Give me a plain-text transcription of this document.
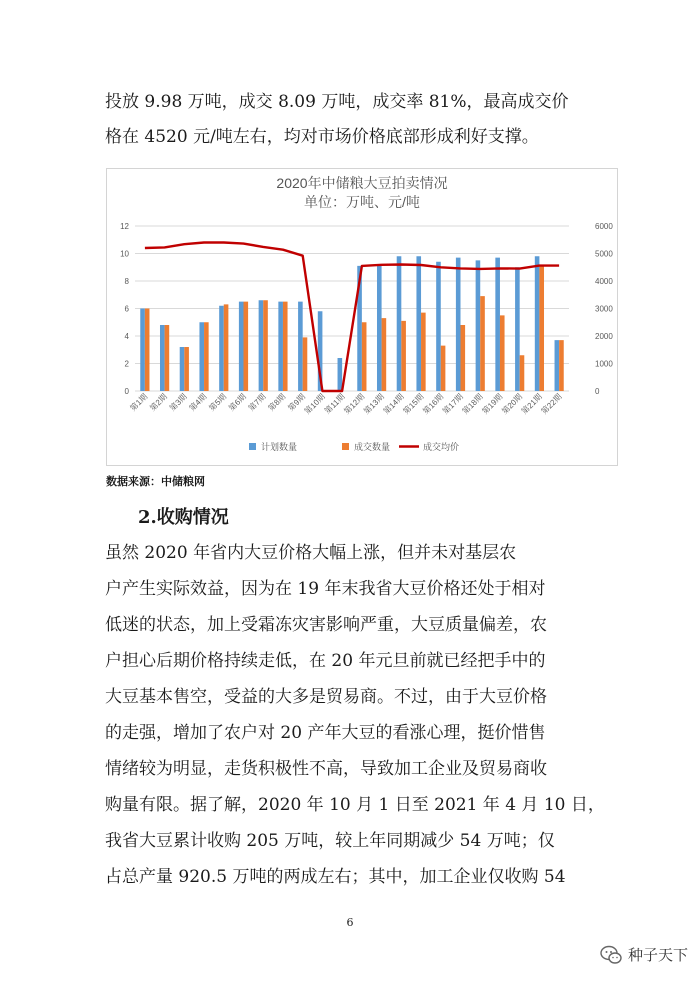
投放 9.98 万吨，成交 8.09 万吨，成交率 81%，最高成交价
格在 4520 元/吨左右，均对市场价格底部形成利好支撑。
2020年中储粮大豆拍卖情况
单位：万吨、元/吨
0
2
4
6
8
10
12
0
1000
2000
3000
4000
5000
6000
第1期
第2期
第3期
第4期
第5期
第6期
第7期
第8期
第9期
第10期
第11期
第12期
第13期
第14期
第15期
第16期
第17期
第18期
第19期
第20期
第21期
第22期
计划数量	成交数量	成交均价
数据来源：中储粮网
2.收购情况
虽然 2020 年省内大豆价格大幅上涨，但并未对基层农
户产生实际效益，因为在 19 年末我省大豆价格还处于相对
低迷的状态，加上受霜冻灾害影响严重，大豆质量偏差，农
户担心后期价格持续走低，在 20 年元旦前就已经把手中的
大豆基本售空，受益的大多是贸易商。不过，由于大豆价格
的走强，增加了农户对 20 产年大豆的看涨心理，挺价惜售
情绪较为明显，走货积极性不高，导致加工企业及贸易商收
购量有限。据了解，2020 年 10 月 1 日至 2021 年 4 月 10 日，
我省大豆累计收购 205 万吨，较上年同期减少 54 万吨；仅
占总产量 920.5 万吨的两成左右；其中，加工企业仅收购 54
6
种子天下
